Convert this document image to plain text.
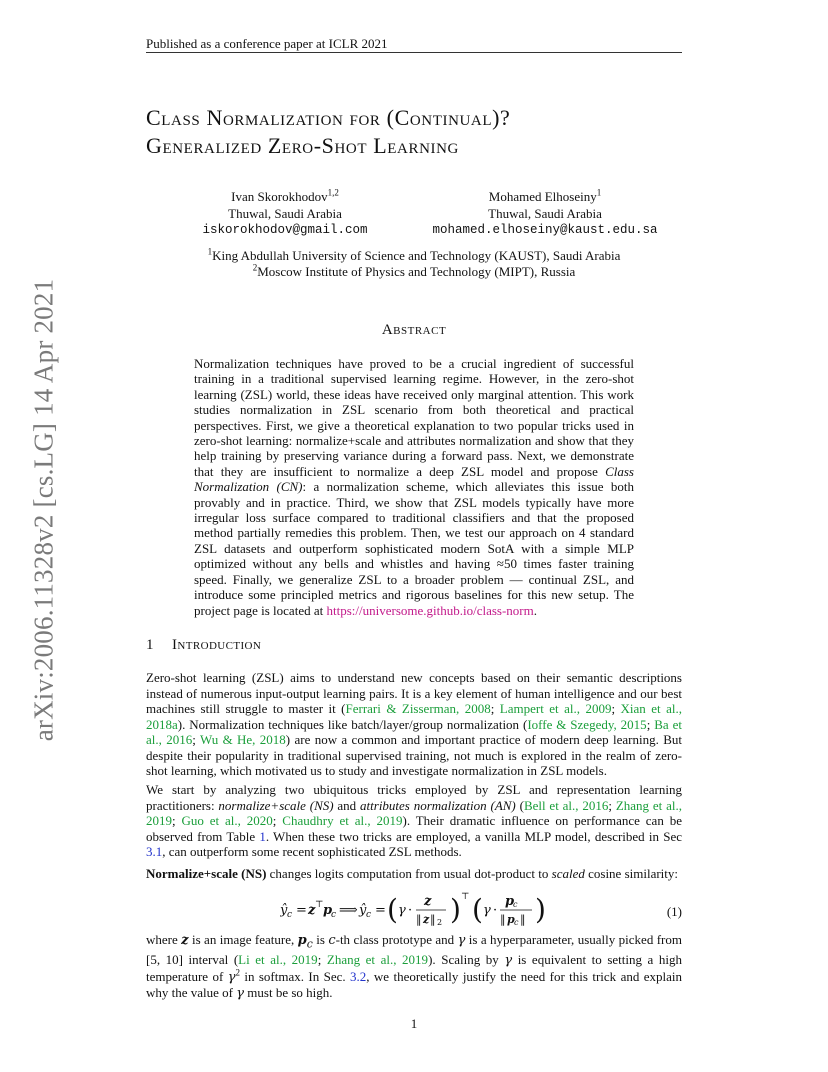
Published as a conference paper at ICLR 2021
arXiv:2006.11328v2 [cs.LG] 14 Apr 2021
Class Normalization for (Continual)?
Generalized Zero-Shot Learning
Ivan Skorokhodov$^{1,2}$
Thuwal, Saudi Arabia
iskorokhodov@gmail.com
Mohamed Elhoseiny$^1$
Thuwal, Saudi Arabia
mohamed.elhoseiny@kaust.edu.sa
$^1$King Abdullah University of Science and Technology (KAUST), Saudi Arabia
$^2$Moscow Institute of Physics and Technology (MIPT), Russia
Abstract
Normalization techniques have proved to be a crucial ingredient of successful training in a traditional supervised learning regime. However, in the zero-shot learning (ZSL) world, these ideas have received only marginal attention. This work studies normalization in ZSL scenario from both theoretical and practical perspectives. First, we give a theoretical explanation to two popular tricks used in zero-shot learning: normalize+scale and attributes normalization and show that they help training by preserving variance during a forward pass. Next, we demonstrate that they are insufficient to normalize a deep ZSL model and propose Class Normalization (CN): a normalization scheme, which alleviates this issue both provably and in practice. Third, we show that ZSL models typically have more irregular loss surface compared to traditional classifiers and that the proposed method partially remedies this problem. Then, we test our approach on 4 standard ZSL datasets and outperform sophisticated modern SotA with a simple MLP optimized without any bells and whistles and having ≈50 times faster training speed. Finally, we generalize ZSL to a broader problem — continual ZSL, and introduce some principled metrics and rigorous baselines for this new setup. The project page is located at https://universome.github.io/class-norm.
1 Introduction
Zero-shot learning (ZSL) aims to understand new concepts based on their semantic descriptions instead of numerous input-output learning pairs. It is a key element of human intelligence and our best machines still struggle to master it (Ferrari & Zisserman, 2008; Lampert et al., 2009; Xian et al., 2018a). Normalization techniques like batch/layer/group normalization (Ioffe & Szegedy, 2015; Ba et al., 2016; Wu & He, 2018) are now a common and important practice of modern deep learning. But despite their popularity in traditional supervised training, not much is explored in the realm of zero-shot learning, which motivated us to study and investigate normalization in ZSL models.
We start by analyzing two ubiquitous tricks employed by ZSL and representation learning practitioners: normalize+scale (NS) and attributes normalization (AN) (Bell et al., 2016; Zhang et al., 2019; Guo et al., 2020; Chaudhry et al., 2019). Their dramatic influence on performance can be observed from Table 1. When these two tricks are employed, a vanilla MLP model, described in Sec 3.1, can outperform some recent sophisticated ZSL methods.
Normalize+scale (NS) changes logits computation from usual dot-product to scaled cosine similarity:
ŷ c = z ⊤ p
c ⟹ ŷ c = ( γ ·
z
‖ z ‖ 2 ) ⊤ ( γ ·
p
c
‖ p c ‖ )	(1)
where z is an image feature, $p_c$ is c-th class prototype and γ is a hyperparameter, usually picked from [5, 10] interval (Li et al., 2019; Zhang et al., 2019). Scaling by γ is equivalent to setting a high temperature of $\gamma^2$ in softmax. In Sec. 3.2, we theoretically justify the need for this trick and explain why the value of γ must be so high.
1
